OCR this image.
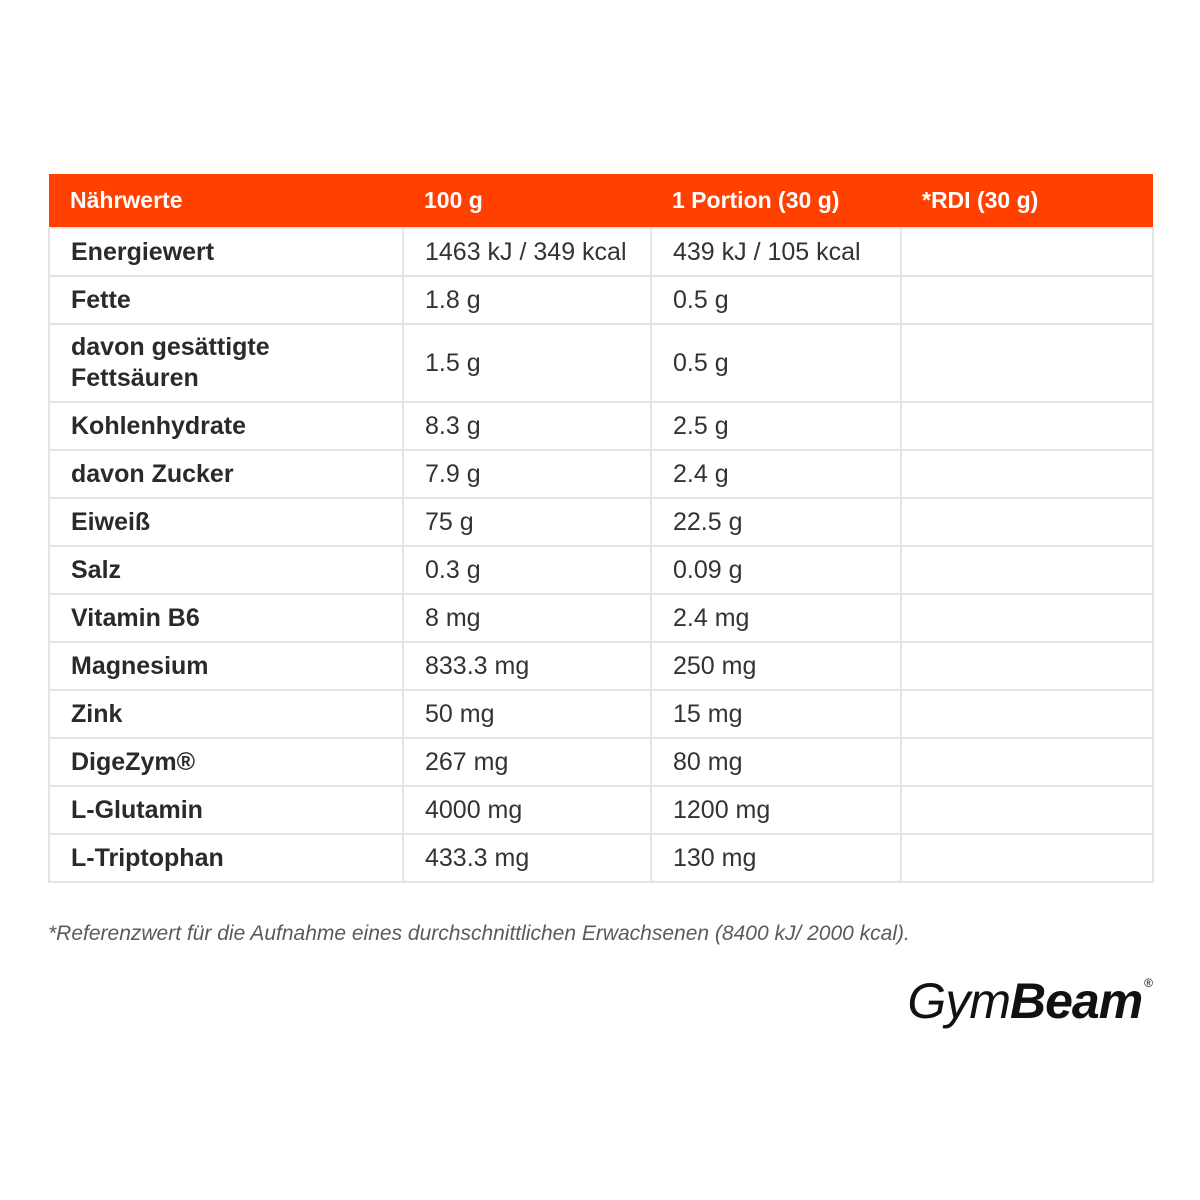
Nährwerte	100 g	1 Portion (30 g)	*RDI (30 g)
Energiewert	1463 kJ / 349 kcal	439 kJ / 105 kcal	
Fette	1.8 g	0.5 g	
davon gesättigte Fettsäuren	1.5 g	0.5 g	
Kohlenhydrate	8.3 g	2.5 g	
davon Zucker	7.9 g	2.4 g	
Eiweiß	75 g	22.5 g	
Salz	0.3 g	0.09 g	
Vitamin B6	8 mg	2.4 mg	
Magnesium	833.3 mg	250 mg	
Zink	50 mg	15 mg	
DigeZym®	267 mg	80 mg	
L-Glutamin	4000 mg	1200 mg	
L-Triptophan	433.3 mg	130 mg	
*Referenzwert für die Aufnahme eines durchschnittlichen Erwachsenen (8400 kJ/ 2000 kcal).
GymBeam ®
